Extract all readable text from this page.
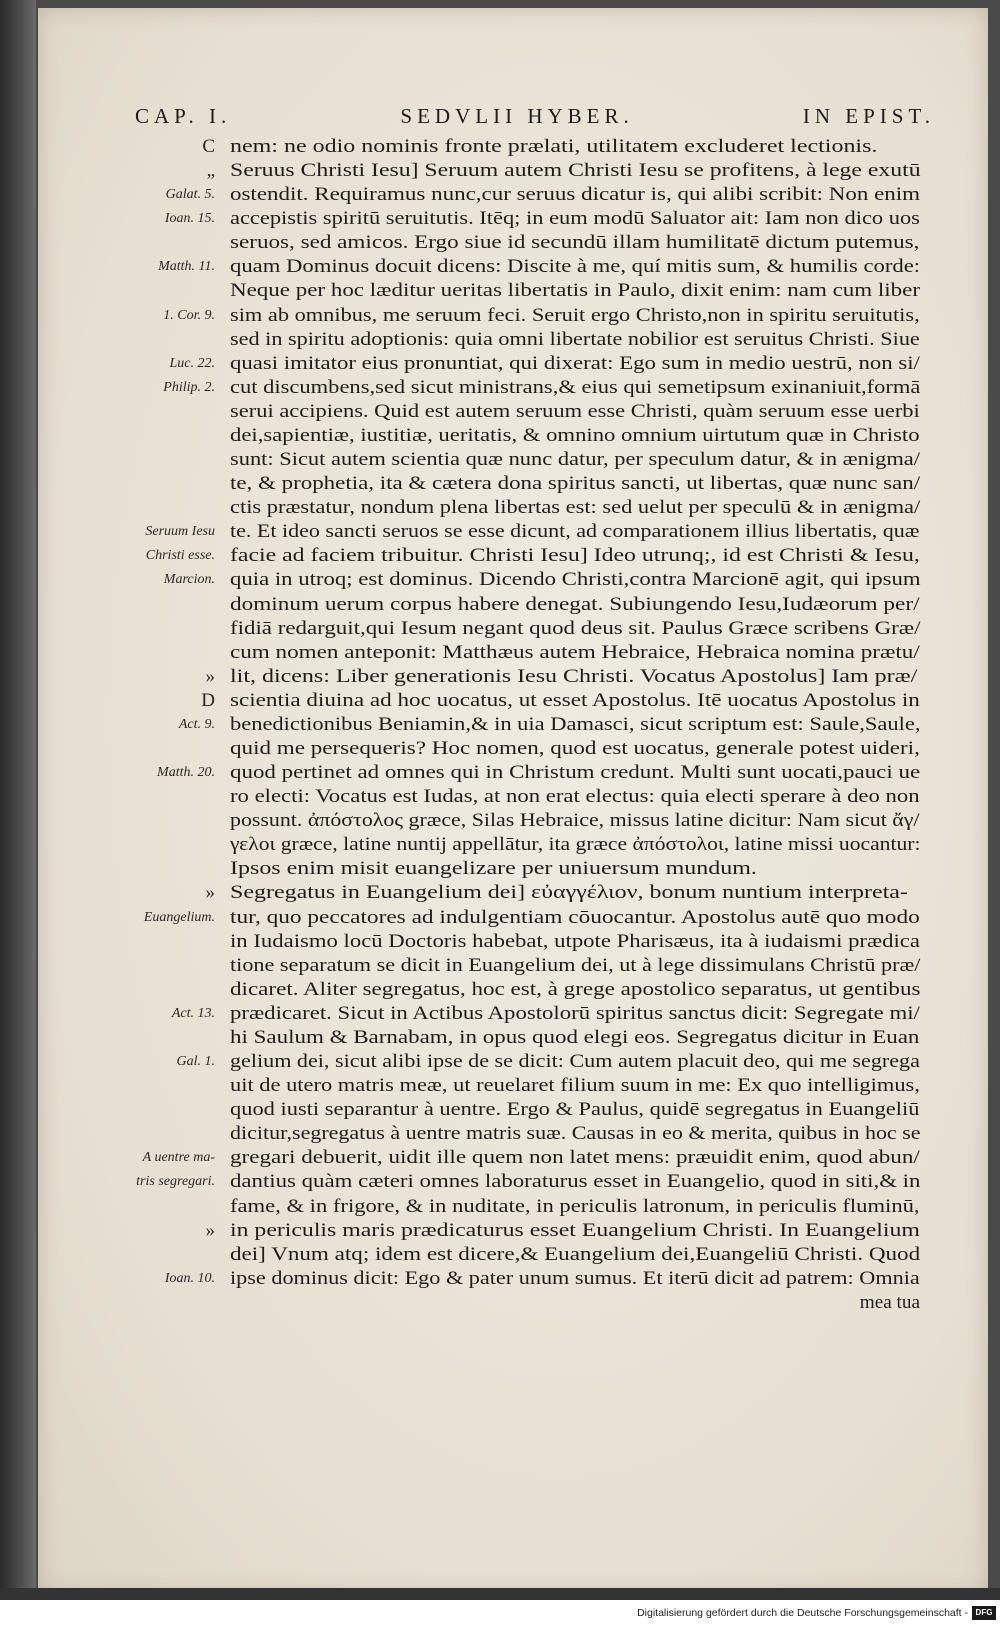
CAP. I.	SEDVLII HYBER.	IN EPIST.
nem: ne odio nominis fronte prælati, utilitatem excluderet lectionis.
Seruus Christi Iesu] Seruum autem Christi Iesu se profitens, à lege exutū
ostendit. Requiramus nunc,cur seruus dicatur is, qui alibi scribit: Non enim
accepistis spiritū seruitutis. Itēq; in eum modū Saluator ait: Iam non dico uos
seruos, sed amicos. Ergo siue id secundū illam humilitatē dictum putemus,
quam Dominus docuit dicens: Discite à me, quí mitis sum, & humilis corde:
Neque per hoc læditur ueritas libertatis in Paulo, dixit enim: nam cum liber
sim ab omnibus, me seruum feci. Seruit ergo Christo,non in spiritu seruitutis,
sed in spiritu adoptionis: quia omni libertate nobilior est seruitus Christi. Siue
quasi imitator eius pronuntiat, qui dixerat: Ego sum in medio uestrū, non si/
cut discumbens,sed sicut ministrans,& eius qui semetipsum exinaniuit,formā
serui accipiens. Quid est autem seruum esse Christi, quàm seruum esse uerbi
dei,sapientiæ, iustitiæ, ueritatis, & omnino omnium uirtutum quæ in Christo
sunt: Sicut autem scientia quæ nunc datur, per speculum datur, & in ænigma/
te, & prophetia, ita & cætera dona spiritus sancti, ut libertas, quæ nunc san/
ctis præstatur, nondum plena libertas est: sed uelut per speculū & in ænigma/
te. Et ideo sancti seruos se esse dicunt, ad comparationem illius libertatis, quæ
facie ad faciem tribuitur. Christi Iesu] Ideo utrunq;, id est Christi & Iesu,
quia in utroq; est dominus. Dicendo Christi,contra Marcionē agit, qui ipsum
dominum uerum corpus habere denegat. Subiungendo Iesu,Iudæorum per/
fidiā redarguit,qui Iesum negant quod deus sit. Paulus Græce scribens Græ/
cum nomen anteponit: Matthæus autem Hebraice, Hebraica nomina prætu/
lit, dicens: Liber generationis Iesu Christi. Vocatus Apostolus] Iam præ/
scientia diuina ad hoc uocatus, ut esset Apostolus. Itē uocatus Apostolus in
benedictionibus Beniamin,& in uia Damasci, sicut scriptum est: Saule,Saule,
quid me persequeris? Hoc nomen, quod est uocatus, generale potest uideri,
quod pertinet ad omnes qui in Christum credunt. Multi sunt uocati,pauci ue
ro electi: Vocatus est Iudas, at non erat electus: quia electi sperare à deo non
possunt. ἀπόστολος græce, Silas Hebraice, missus latine dicitur: Nam sicut ἄγ/
γελοι græce, latine nuntij appellātur, ita græce ἀπόστολοι, latine missi uocantur:
Ipsos enim misit euangelizare per uniuersum mundum.
Segregatus in Euangelium dei] εὐαγγέλιον, bonum nuntium interpreta-
tur, quo peccatores ad indulgentiam cōuocantur. Apostolus autē quo modo
in Iudaismo locū Doctoris habebat, utpote Pharisæus, ita à iudaismi prædica
tione separatum se dicit in Euangelium dei, ut à lege dissimulans Christū præ/
dicaret. Aliter segregatus, hoc est, à grege apostolico separatus, ut gentibus
prædicaret. Sicut in Actibus Apostolorū spiritus sanctus dicit: Segregate mi/
hi Saulum & Barnabam, in opus quod elegi eos. Segregatus dicitur in Euan
gelium dei, sicut alibi ipse de se dicit: Cum autem placuit deo, qui me segrega
uit de utero matris meæ, ut reuelaret filium suum in me: Ex quo intelligimus,
quod iusti separantur à uentre. Ergo & Paulus, quidē segregatus in Euangeliū
dicitur,segregatus à uentre matris suæ. Causas in eo & merita, quibus in hoc se
gregari debuerit, uidit ille quem non latet mens: præuidit enim, quod abun/
dantius quàm cæteri omnes laboraturus esset in Euangelio, quod in siti,& in
fame, & in frigore, & in nuditate, in periculis latronum, in periculis fluminū,
in periculis maris prædicaturus esset Euangelium Christi. In Euangelium
dei] Vnum atq; idem est dicere,& Euangelium dei,Euangeliū Christi. Quod
ipse dominus dicit: Ego & pater unum sumus. Et iterū dicit ad patrem: Omnia
mea tua
C
„
Galat. 5.
Ioan. 15.
Matth. 11.
1. Cor. 9.
Luc. 22.
Philip. 2.
Seruum Iesu
Christi esse.
Marcion.
»
D
Act. 9.
Matth. 20.
»
Euangelium.
Act. 13.
Gal. 1.
A uentre ma-
tris segregari.
»
Ioan. 10.
Digitalisierung gefördert durch die Deutsche Forschungsgemeinschaft - DFG
